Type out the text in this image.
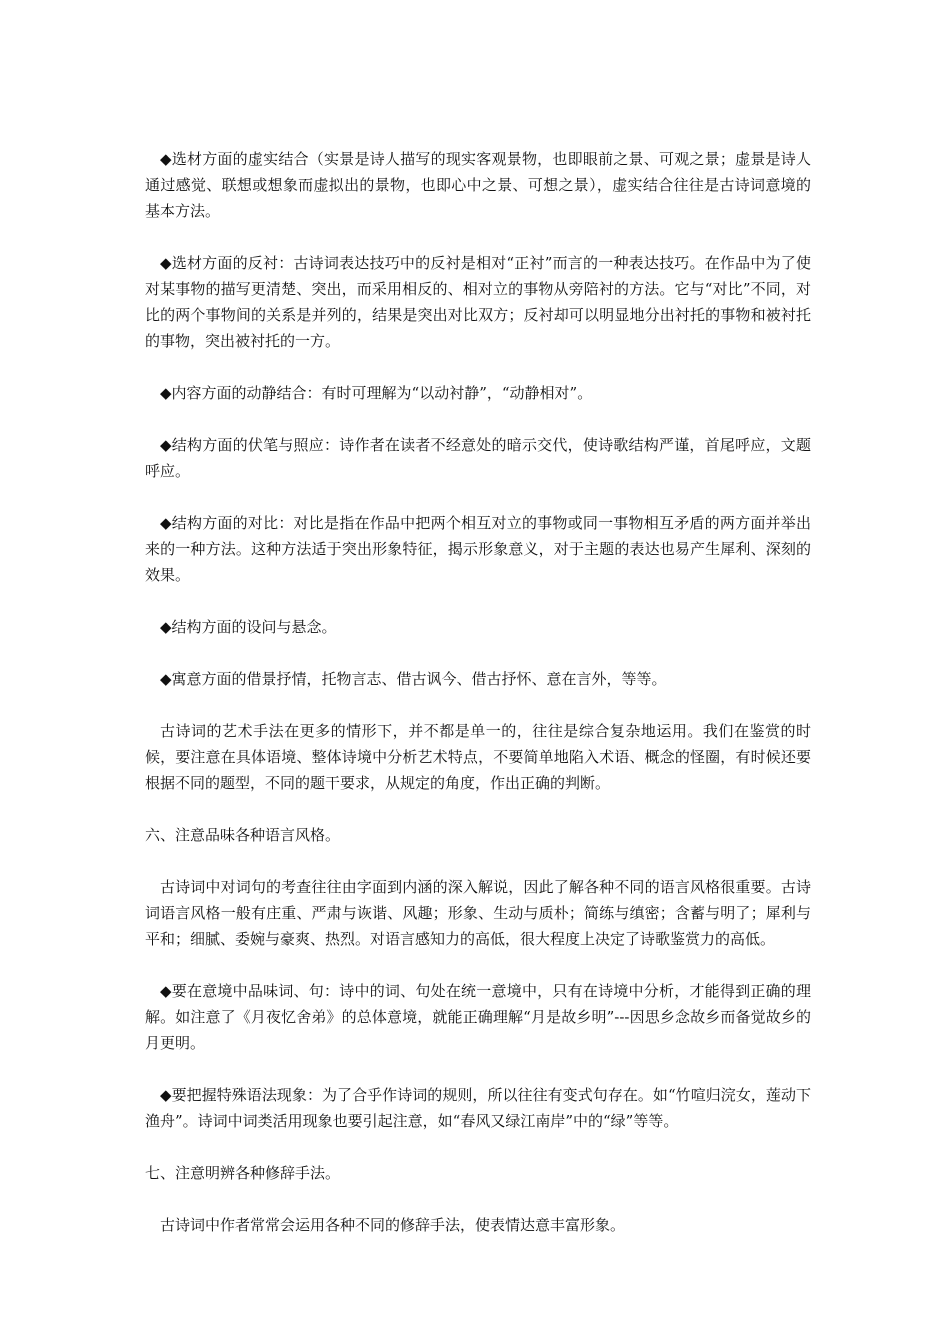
◆选材方面的虚实结合（实景是诗人描写的现实客观景物，也即眼前之景、可观之景；虚景是诗人通过感觉、联想或想象而虚拟出的景物，也即心中之景、可想之景），虚实结合往往是古诗词意境的基本方法。

◆选材方面的反衬：古诗词表达技巧中的反衬是相对“正衬”而言的一种表达技巧。在作品中为了使对某事物的描写更清楚、突出，而采用相反的、相对立的事物从旁陪衬的方法。它与“对比”不同，对比的两个事物间的关系是并列的，结果是突出对比双方；反衬却可以明显地分出衬托的事物和被衬托的事物，突出被衬托的一方。

◆内容方面的动静结合：有时可理解为“以动衬静”，“动静相对”。

◆结构方面的伏笔与照应：诗作者在读者不经意处的暗示交代，使诗歌结构严谨，首尾呼应，文题呼应。

◆结构方面的对比：对比是指在作品中把两个相互对立的事物或同一事物相互矛盾的两方面并举出来的一种方法。这种方法适于突出形象特征，揭示形象意义，对于主题的表达也易产生犀利、深刻的效果。

◆结构方面的设问与悬念。

◆寓意方面的借景抒情，托物言志、借古讽今、借古抒怀、意在言外，等等。

古诗词的艺术手法在更多的情形下，并不都是单一的，往往是综合复杂地运用。我们在鉴赏的时候，要注意在具体语境、整体诗境中分析艺术特点，不要简单地陷入术语、概念的怪圈，有时候还要根据不同的题型，不同的题干要求，从规定的角度，作出正确的判断。

六、注意品味各种语言风格。

古诗词中对词句的考查往往由字面到内涵的深入解说，因此了解各种不同的语言风格很重要。古诗词语言风格一般有庄重、严肃与诙谐、风趣；形象、生动与质朴；简练与缜密；含蓄与明了；犀利与平和；细腻、委婉与豪爽、热烈。对语言感知力的高低，很大程度上决定了诗歌鉴赏力的高低。

◆要在意境中品味词、句：诗中的词、句处在统一意境中，只有在诗境中分析，才能得到正确的理解。如注意了《月夜忆舍弟》的总体意境，就能正确理解“月是故乡明”---因思乡念故乡而备觉故乡的月更明。

◆要把握特殊语法现象：为了合乎作诗词的规则，所以往往有变式句存在。如“竹喧归浣女，莲动下渔舟”。诗词中词类活用现象也要引起注意，如“春风又绿江南岸”中的“绿”等等。

七、注意明辨各种修辞手法。

古诗词中作者常常会运用各种不同的修辞手法，使表情达意丰富形象。
